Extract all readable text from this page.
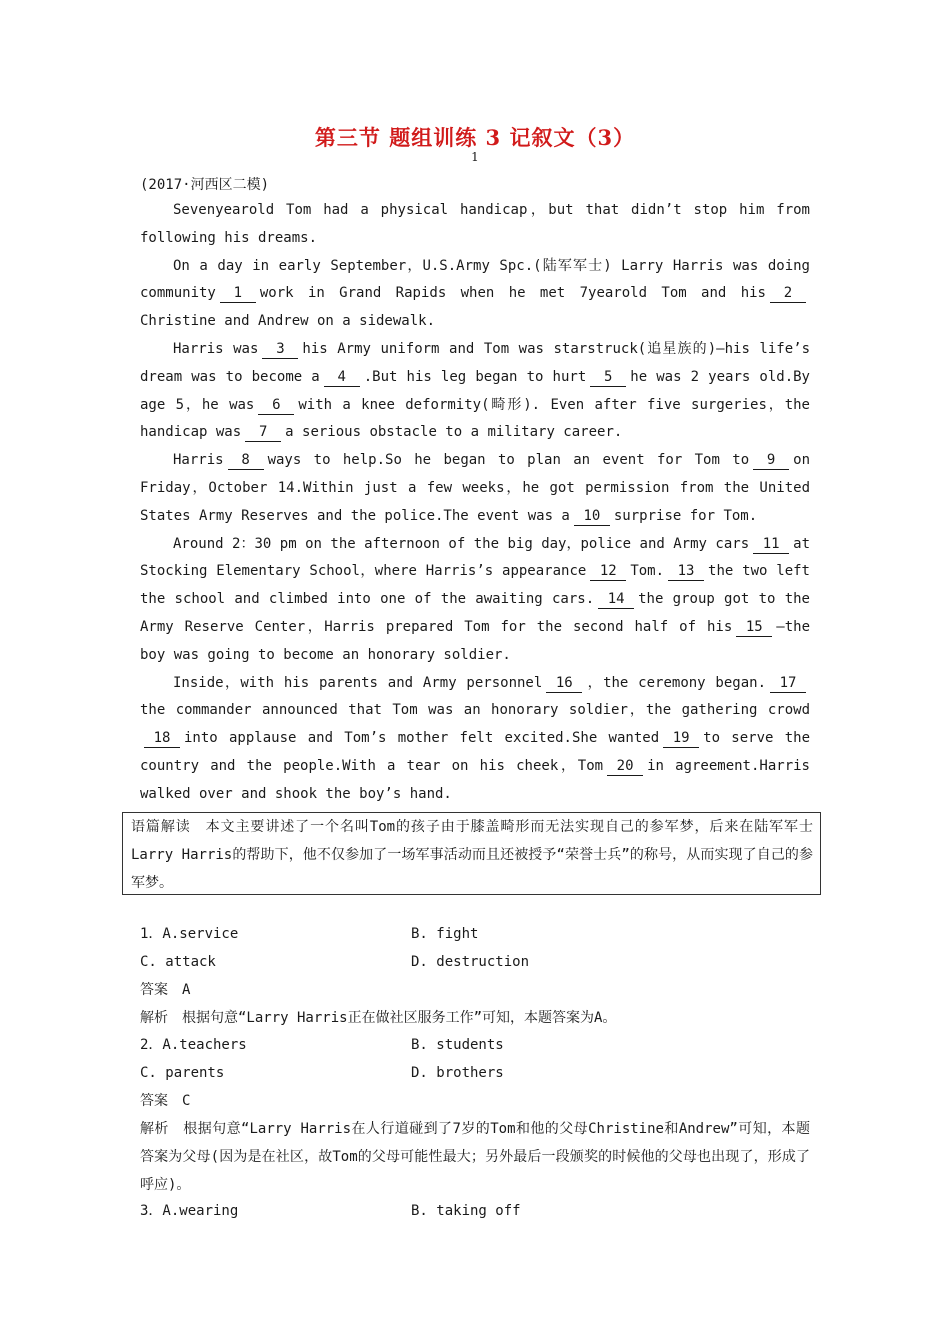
第三节 题组训练 3 记叙文（3）
1
(2017·河西区二模)

Sevenyearold Tom had a physical handicap，but that didn’t stop him from following his dreams.

On a day in early September，U.S.Army Spc.(陆军军士) Larry Harris was doing community 1 work in Grand Rapids when he met 7yearold Tom and his 2Christine and Andrew on a sidewalk.

Harris was 3 his Army uniform and Tom was starstruck(追星族的)—his life’s dream was to become a 4 .But his leg began to hurt 5 he was 2 years old.By age 5，he was 6 with a knee deformity(畸形). Even after five surgeries，the handicap was 7 a serious obstacle to a military career.

Harris 8 ways to help.So he began to plan an event for Tom to 9 on Friday，October 14.Within just a few weeks，he got permission from the United States Army Reserves and the police.The event was a 10 surprise for Tom.

Around 2：30 pm on the afternoon of the big day，police and Army cars 11 at Stocking Elementary School，where Harris’s appearance 12 Tom. 13 the two left the school and climbed into one of the awaiting cars. 14 the group got to the Army Reserve Center，Harris prepared Tom for the second half of his 15 —the boy was going to become an honorary soldier.

Inside，with his parents and Army personnel 16 ，the ceremony began. 17the commander announced that Tom was an honorary soldier，the gathering crowd18 into applause and Tom’s mother felt excited.She wanted 19 to serve the country and the people.With a tear on his cheek，Tom 20 in agreement.Harris walked over and shook the boy’s hand.

语篇解读　本文主要讲述了一个名叫Tom的孩子由于膝盖畸形而无法实现自己的参军梦，后来在陆军军士Larry Harris的帮助下，他不仅参加了一场军事活动而且还被授予“荣誉士兵”的称号，从而实现了自己的参军梦。
1．A.service	B. fight
C. attack	D. destruction
答案　A
解析　根据句意“Larry Harris正在做社区服务工作”可知，本题答案为A。
2．A.teachers	B. students
C. parents	D. brothers
答案　C
解析　根据句意“Larry Harris在人行道碰到了7岁的Tom和他的父母Christine和Andrew”可知，本题答案为父母(因为是在社区，故Tom的父母可能性最大；另外最后一段颁奖的时候他的父母也出现了，形成了呼应)。
3．A.wearing	B. taking off
